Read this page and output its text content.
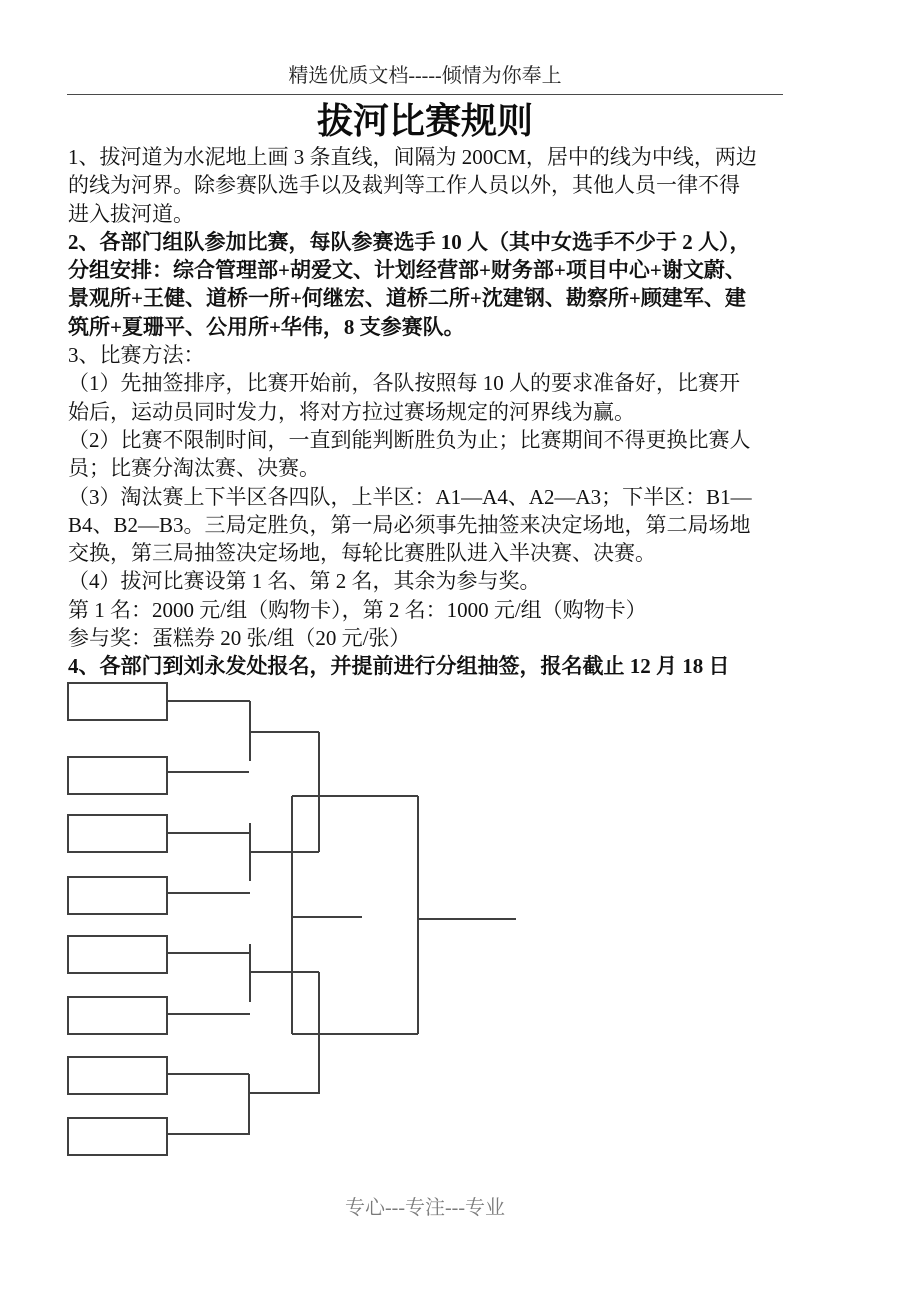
精选优质文档-----倾情为你奉上
拔河比赛规则
1、拔河道为水泥地上画 3 条直线，间隔为 200CM，居中的线为中线，两边
的线为河界。除参赛队选手以及裁判等工作人员以外，其他人员一律不得
进入拔河道。
2、各部门组队参加比赛，每队参赛选手 10 人（其中女选手不少于 2 人），
分组安排：综合管理部+胡爱文、计划经营部+财务部+项目中心+谢文蔚、
景观所+王健、道桥一所+何继宏、道桥二所+沈建钢、勘察所+顾建军、建
筑所+夏珊平、公用所+华伟，8 支参赛队。
3、比赛方法：
（1）先抽签排序，比赛开始前，各队按照每 10 人的要求准备好，比赛开
始后，运动员同时发力，将对方拉过赛场规定的河界线为赢。
（2）比赛不限制时间，一直到能判断胜负为止；比赛期间不得更换比赛人
员；比赛分淘汰赛、决赛。
（3）淘汰赛上下半区各四队，上半区：A1—A4、A2—A3；下半区：B1—
B4、B2—B3。三局定胜负，第一局必须事先抽签来决定场地，第二局场地
交换，第三局抽签决定场地，每轮比赛胜队进入半决赛、决赛。
（4）拔河比赛设第 1 名、第 2 名，其余为参与奖。
第 1 名：2000 元/组（购物卡），第 2 名：1000 元/组（购物卡）
参与奖：蛋糕券 20 张/组（20 元/张）
4、各部门到刘永发处报名，并提前进行分组抽签，报名截止 12 月 18 日
专心---专注---专业
